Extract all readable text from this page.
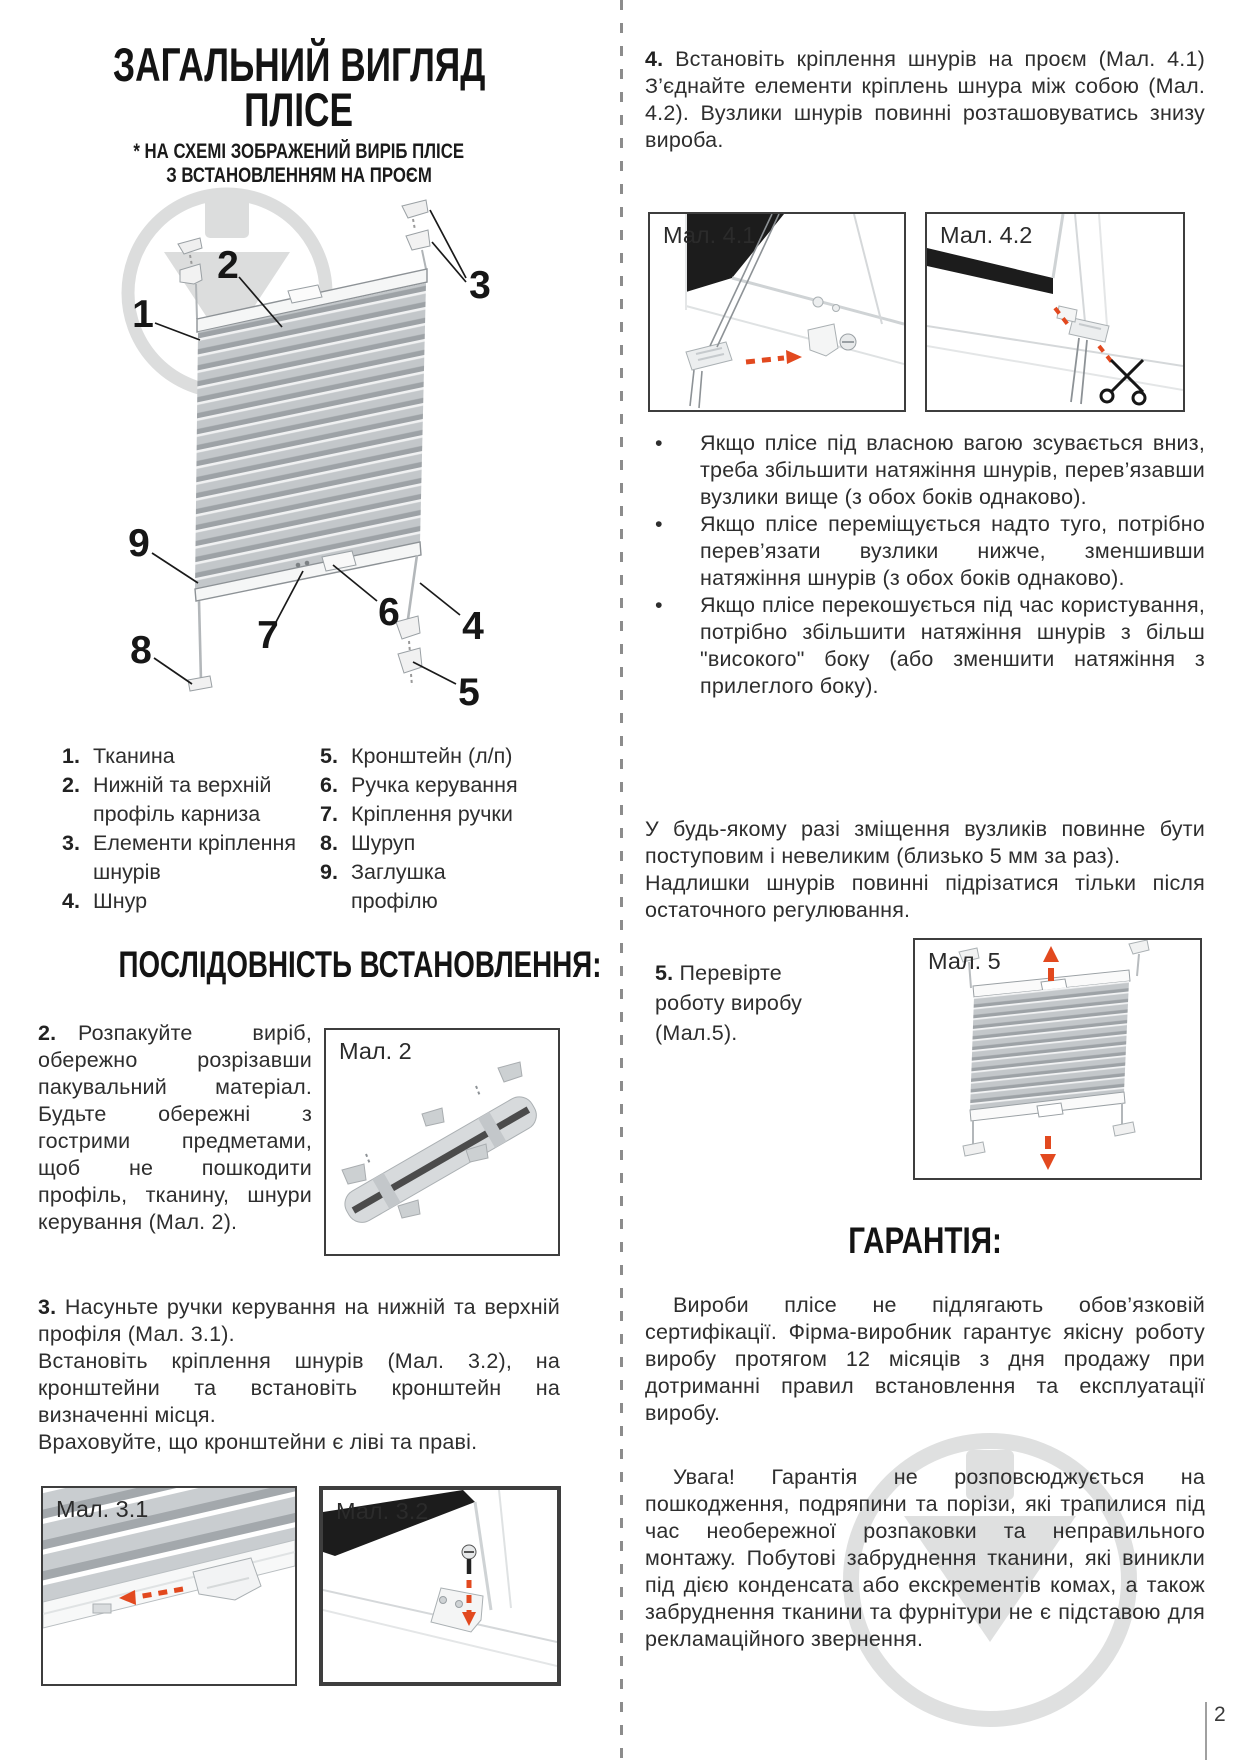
ЗАГАЛЬНИЙ ВИГЛЯД
ПЛІСЕ
* НА СХЕМІ ЗОБРАЖЕНИЙ ВИРІБ ПЛІСЕ
З ВСТАНОВЛЕННЯМ НА ПРОЄМ
1
2	3
4
5
6
7
8
9
1. Тканина
2. Нижній та верхній профіль карниза
3. Елементи кріплення шнурів
4. Шнур
5. Кронштейн (л/п)
6. Ручка керування
7. Кріплення ручки
8. Шуруп
9. Заглушка профілю
ПОСЛІДОВНІСТЬ ВСТАНОВЛЕННЯ:

2.  Розпакуйте виріб, обережно розрізавши пакувальний матеріал. Будьте обережні з гострими предметами, щоб не пошкодити профіль, тканину, шнури керування (Мал. 2).

Мал. 2

3. Насуньте ручки керування на нижній та верхній профіля (Мал. 3.1).

Встановіть кріплення шнурів (Мал. 3.2), на кронштейни та встановіть кронштейн на визначенні місця.

Враховуйте, що кронштейни є ліві та праві.

Мал. 3.1	Мал. 3.2

4. Встановіть кріплення шнурів на проєм (Мал. 4.1) З’єднайте елементи кріплень шнура між собою (Мал. 4.2). Вузлики шнурів повинні розташовуватись знизу вироба.

Мал. 4.1	Мал. 4.2
•	Якщо плісе під власною вагою зсувається вниз, треба збільшити натяжіння шнурів, перев’язавши вузлики вище (з обох боків однаково).

•	Якщо плісе переміщується надто туго, потрібно перев’язати вузлики нижче, зменшивши натяжіння шнурів (з обох боків однаково).

•	Якщо плісе перекошується під час користування, потрібно збільшити натяжіння шнурів з більш "високого" боку (або зменшити натяжіння з прилеглого боку).

У будь-якому разі зміщення вузликів повинне бути поступовим і невеликим (близько 5 мм за раз).

Надлишки шнурів повинні підрізатися тільки після остаточного регулювання.

5. Перевірте
роботу виробу (Мал.5).

Мал. 5
ГАРАНТІЯ:

Вироби плісе не підлягають обов’язковій сертифікації. Фірма-виробник гарантує якісну роботу виробу протягом 12 місяців з дня продажу при дотриманні правил встановлення та експлуатації виробу.

Увага! Гарантія не розповсюджується на пошкодження, подряпини та порізи, які трапилися під час необережної розпаковки та неправильного монтажу. Побутові забруднення тканини, які виникли під дією конденсата або екскрементів комах, а також забруднення тканини та фурнітури не є підставою для рекламаційного звернення.

2
